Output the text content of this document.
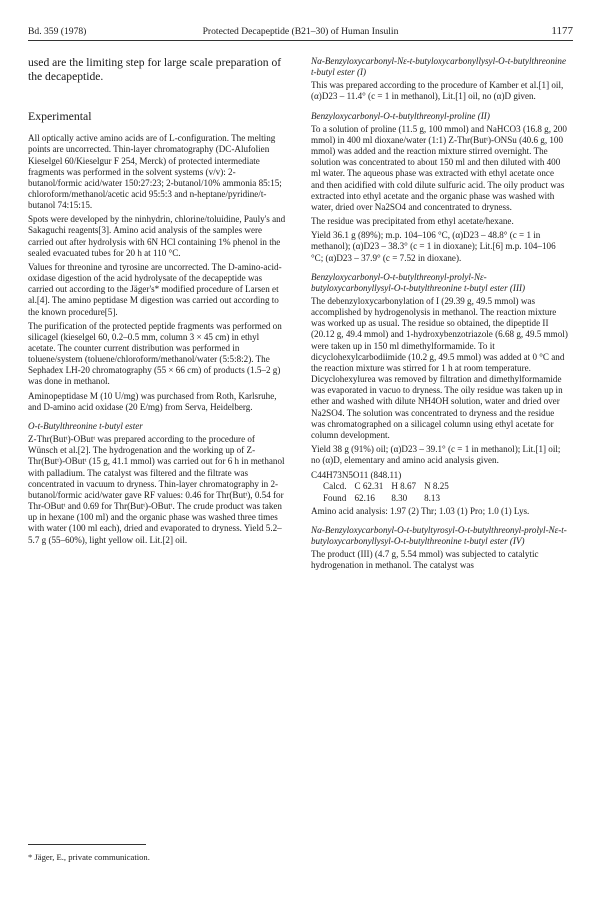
Bd. 359 (1978)	Protected Decapeptide (B21–30) of Human Insulin	1177

used are the limiting step for large scale preparation of the decapeptide.

Experimental

All optically active amino acids are of L-configuration. The melting points are uncorrected. Thin-layer chromatography (DC-Alufolien Kieselgel 60/Kieselgur F 254, Merck) of protected intermediate fragments was performed in the solvent systems (v/v): 2-butanol/formic acid/water 150:27:23; 2-butanol/10% ammonia 85:15; chloroform/methanol/acetic acid 95:5:3 and n-heptane/pyridine/t-butanol 74:15:15.

Spots were developed by the ninhydrin, chlorine/toluidine, Pauly's and Sakaguchi reagents[3]. Amino acid analysis of the samples were carried out after hydrolysis with 6N HCl containing 1% phenol in the sealed evacuated tubes for 20 h at 110 °C.

Values for threonine and tyrosine are uncorrected. The D-amino-acid-oxidase digestion of the acid hydrolysate of the decapeptide was carried out according to the Jäger's* modified procedure of Larsen et al.[4]. The amino peptidase M digestion was carried out according to the known procedure[5].

The purification of the protected peptide fragments was performed on silicagel (kieselgel 60, 0.2–0.5 mm, column 3 × 45 cm) in ethyl acetate. The counter current distribution was performed in toluene/system (toluene/chloroform/methanol/water (5:5:8:2). The Sephadex LH-20 chromatography (55 × 66 cm) of products (1.5–2 g) was done in methanol.

Aminopeptidase M (10 U/mg) was purchased from Roth, Karlsruhe, and D-amino acid oxidase (20 E/mg) from Serva, Heidelberg.

O-t-Butylthreonine t-butyl ester

Z-Thr(Butᵗ)-OButᵗ was prepared according to the procedure of Wünsch et al.[2]. The hydrogenation and the working up of Z-Thr(Butᵗ)-OButᵗ (15 g, 41.1 mmol) was carried out for 6 h in methanol with palladium. The catalyst was filtered and the filtrate was concentrated in vacuum to dryness. Thin-layer chromatography in 2-butanol/formic acid/water gave RF values: 0.46 for Thr(Butᵗ), 0.54 for Thr-OButᵗ and 0.69 for Thr(Butᵗ)-OButᵗ. The crude product was taken up in hexane (100 ml) and the organic phase was washed three times with water (100 ml each), dried and evaporated to dryness. Yield 5.2–5.7 g (55–60%), light yellow oil. Lit.[2] oil.

* Jäger, E., private communication.

Nα-Benzyloxycarbonyl-Nε-t-butyloxycarbonyllysyl-O-t-butylthreonine t-butyl ester (I)

This was prepared according to the procedure of Kamber et al.[1] oil, (α)D23 – 11.4° (c = 1 in methanol), Lit.[1] oil, no (α)D given.

Benzyloxycarbonyl-O-t-butylthreonyl-proline (II)

To a solution of proline (11.5 g, 100 mmol) and NaHCO3 (16.8 g, 200 mmol) in 400 ml dioxane/water (1:1) Z-Thr(Butᵗ)-ONSu (40.6 g, 100 mmol) was added and the reaction mixture stirred overnight. The solution was concentrated to about 150 ml and then diluted with 400 ml water. The aqueous phase was extracted with ethyl acetate once and then acidified with cold dilute sulfuric acid. The oily product was extracted into ethyl acetate and the organic phase was washed with water, dried over Na2SO4 and concentrated to dryness.

The residue was precipitated from ethyl acetate/hexane.

Yield 36.1 g (89%); m.p. 104–106 °C, (α)D23 – 48.8° (c = 1 in methanol); (α)D23 – 38.3° (c = 1 in dioxane); Lit.[6] m.p. 104–106 °C; (α)D23 – 37.9° (c = 7.52 in dioxane).

Benzyloxycarbonyl-O-t-butylthreonyl-prolyl-Nε-butyloxycarbonyllysyl-O-t-butylthreonine t-butyl ester (III)

The debenzyloxycarbonylation of I (29.39 g, 49.5 mmol) was accomplished by hydrogenolysis in methanol. The reaction mixture was worked up as usual. The residue so obtained, the dipeptide II (20.12 g, 49.4 mmol) and 1-hydroxybenzotriazole (6.68 g, 49.5 mmol) were taken up in 150 ml dimethylformamide. To it dicyclohexylcarbodiimide (10.2 g, 49.5 mmol) was added at 0 °C and the reaction mixture was stirred for 1 h at room temperature. Dicyclohexylurea was removed by filtration and dimethylformamide was evaporated in vacuo to dryness. The oily residue was taken up in ether and washed with dilute NH4OH solution, water and dried over Na2SO4. The solution was concentrated to dryness and the residue was chromatographed on a silicagel column using ethyl acetate for column development.

Yield 38 g (91%) oil; (α)D23 – 39.1° (c = 1 in methanol); Lit.[1] oil; no (α)D, elementary and amino acid analysis given.

C44H73N5O11 (848.11)

Calcd.	C 62.31	H 8.67	N 8.25
Found	62.16	8.30	8.13

Amino acid analysis: 1.97 (2) Thr; 1.03 (1) Pro; 1.0 (1) Lys.

Nα-Benzyloxycarbonyl-O-t-butyltyrosyl-O-t-butylthreonyl-prolyl-Nε-t-butyloxycarbonyllysyl-O-t-butylthreonine t-butyl ester (IV)

The product (III) (4.7 g, 5.54 mmol) was subjected to catalytic hydrogenation in methanol. The catalyst was
